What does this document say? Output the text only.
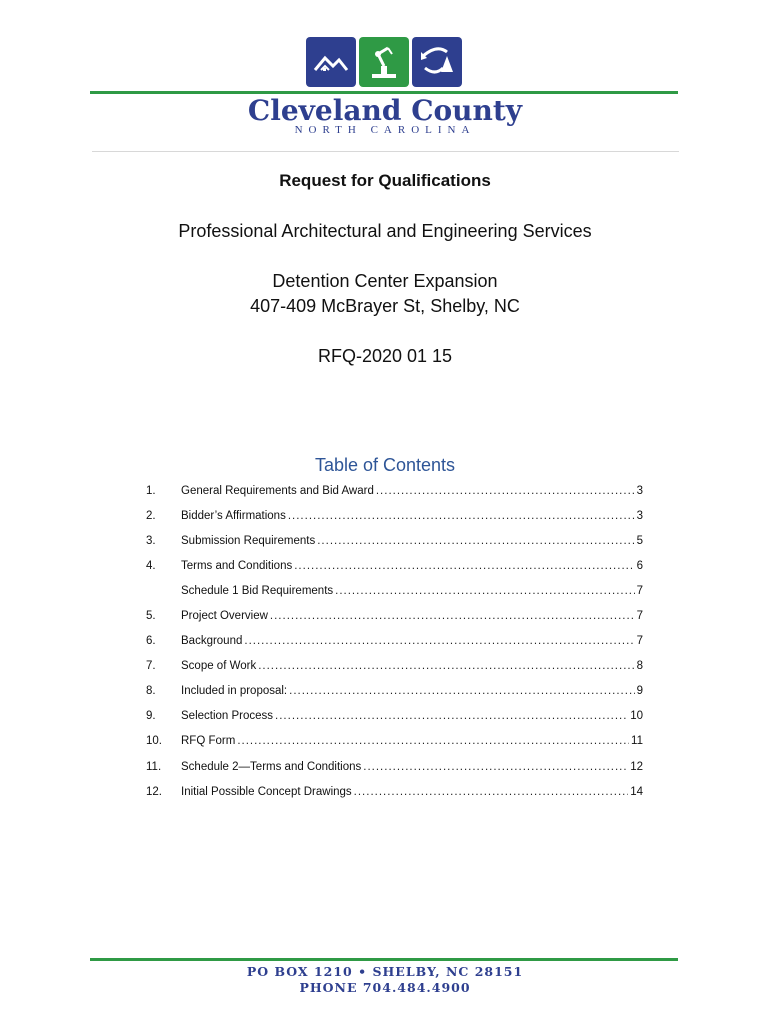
Cleveland County
NORTH CAROLINA
Request for Qualifications
Professional Architectural and Engineering Services
Detention Center Expansion
407-409 McBrayer St, Shelby, NC
RFQ-2020 01 15
Table of Contents
1.	General Requirements and Bid Award .....	3
2.	Bidder’s Affirmations .....	3
3.	Submission Requirements .....	5
4.	Terms and Conditions .....	6
Schedule 1 Bid Requirements .....	7
5.	Project Overview .....	7
6.	Background .....	7
7.	Scope of Work .....	8
8.	Included in proposal: .....	9
9.	Selection Process .....	10
10.	RFQ Form .....	11
11.	Schedule 2—Terms and Conditions .....	12
12.	Initial Possible Concept Drawings .....	14
PO BOX 1210 • SHELBY, NC 28151
PHONE 704.484.4900
